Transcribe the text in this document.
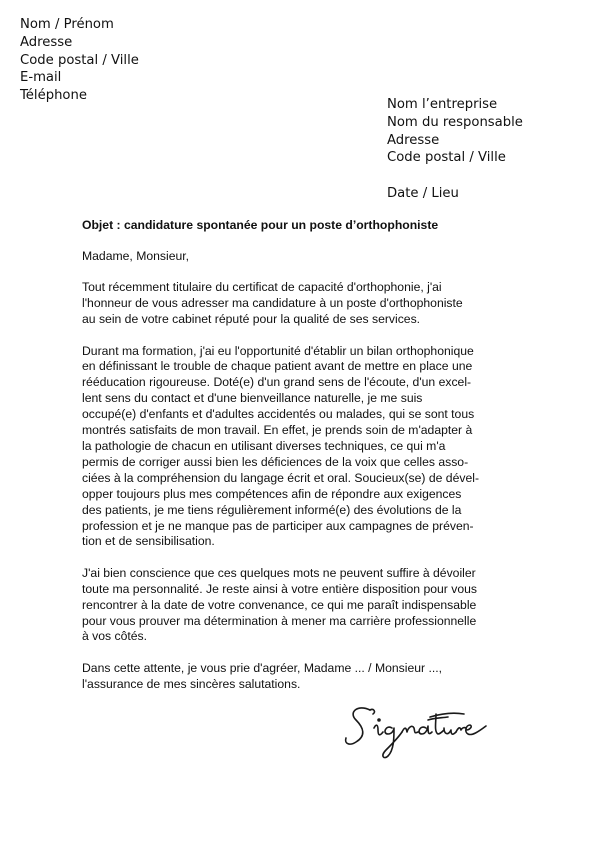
Nom / Prénom
Adresse
Code postal / Ville
E-mail
Téléphone
Nom l’entreprise
Nom du responsable
Adresse
Code postal / Ville
Date / Lieu
Objet : candidature spontanée pour un poste d’orthophoniste
Madame, Monsieur,
Tout récemment titulaire du certificat de capacité d'orthophonie, j'ai
l'honneur de vous adresser ma candidature à un poste d'orthophoniste
au sein de votre cabinet réputé pour la qualité de ses services.
Durant ma formation, j'ai eu l'opportunité d'établir un bilan orthophonique
en définissant le trouble de chaque patient avant de mettre en place une
rééducation rigoureuse. Doté(e) d'un grand sens de l'écoute, d'un excel-
lent sens du contact et d'une bienveillance naturelle, je me suis
occupé(e) d'enfants et d'adultes accidentés ou malades, qui se sont tous
montrés satisfaits de mon travail. En effet, je prends soin de m'adapter à
la pathologie de chacun en utilisant diverses techniques, ce qui m'a
permis de corriger aussi bien les déficiences de la voix que celles asso-
ciées à la compréhension du langage écrit et oral. Soucieux(se) de dével-
opper toujours plus mes compétences afin de répondre aux exigences
des patients, je me tiens régulièrement informé(e) des évolutions de la
profession et je ne manque pas de participer aux campagnes de préven-
tion et de sensibilisation.
J'ai bien conscience que ces quelques mots ne peuvent suffire à dévoiler
toute ma personnalité. Je reste ainsi à votre entière disposition pour vous
rencontrer à la date de votre convenance, ce qui me paraît indispensable
pour vous prouver ma détermination à mener ma carrière professionnelle
à vos côtés.
Dans cette attente, je vous prie d'agréer, Madame ... / Monsieur ...,
l'assurance de mes sincères salutations.
